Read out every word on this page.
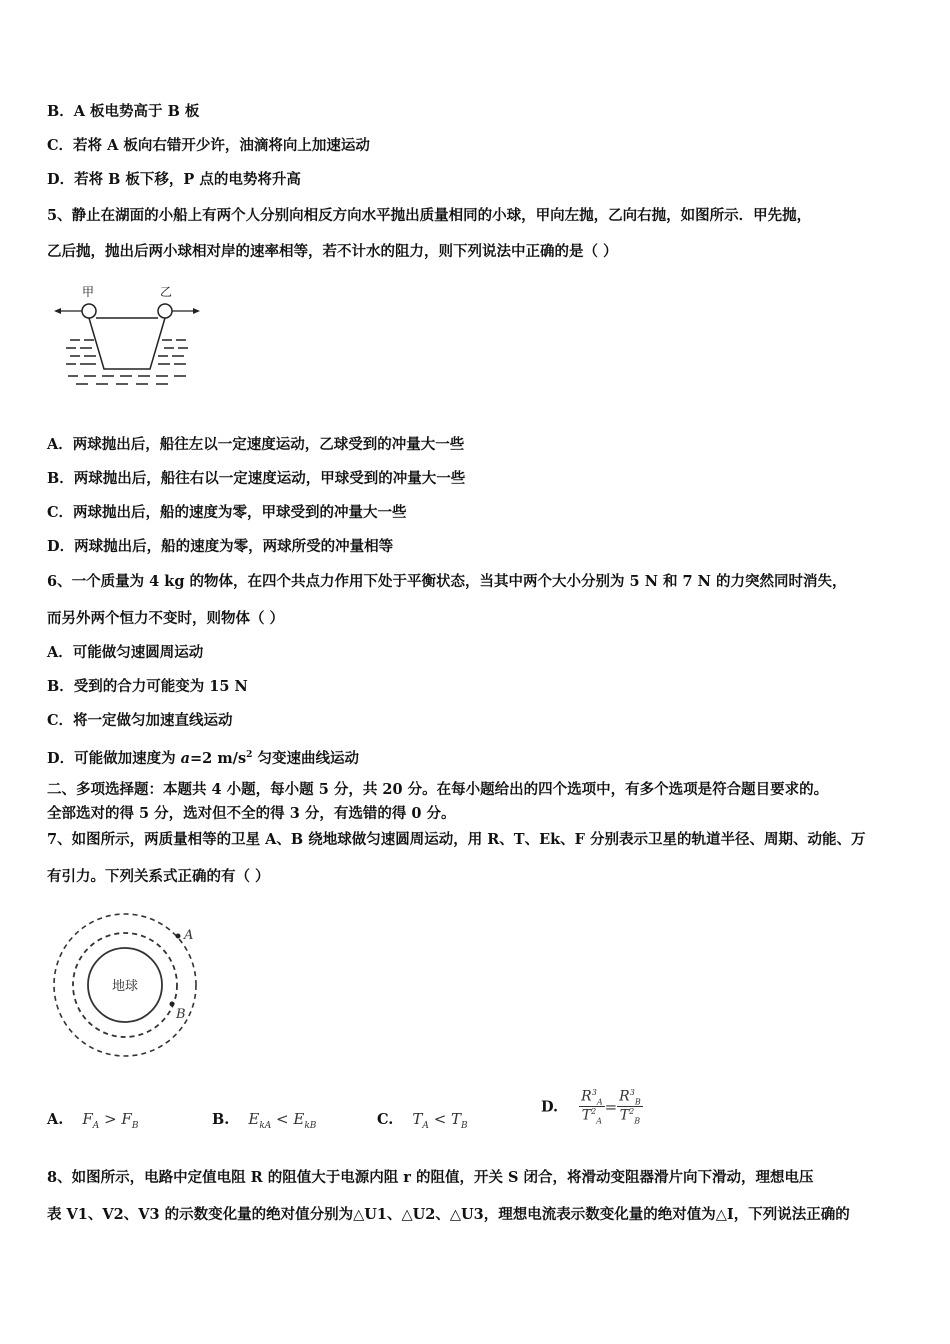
B．A 板电势高于 B 板
C．若将 A 板向右错开少许，油滴将向上加速运动
D．若将 B 板下移，P 点的电势将升高
5、静止在湖面的小船上有两个人分别向相反方向水平抛出质量相同的小球，甲向左抛，乙向右抛，如图所示．甲先抛，
乙后抛，抛出后两小球相对岸的速率相等，若不计水的阻力，则下列说法中正确的是（ ）
甲	乙
A．两球抛出后，船往左以一定速度运动，乙球受到的冲量大一些
B．两球抛出后，船往右以一定速度运动，甲球受到的冲量大一些
C．两球抛出后，船的速度为零，甲球受到的冲量大一些
D．两球抛出后，船的速度为零，两球所受的冲量相等
6、一个质量为 4 kg 的物体，在四个共点力作用下处于平衡状态，当其中两个大小分别为 5 N 和 7 N 的力突然同时消失，
而另外两个恒力不变时，则物体（ ）
A．可能做匀速圆周运动
B．受到的合力可能变为 15 N
C．将一定做匀加速直线运动
D．可能做加速度为 a=2 $m/s^2$ 匀变速曲线运动
二、多项选择题：本题共 4 小题，每小题 5 分，共 20 分。在每小题给出的四个选项中，有多个选项是符合题目要求的。
全部选对的得 5 分，选对但不全的得 3 分，有选错的得 0 分。
7、如图所示，两质量相等的卫星 A、B 绕地球做匀速圆周运动，用 R、T、Ek、F 分别表示卫星的轨道半径、周期、动能、万
有引力。下列关系式正确的有（ ）
地球
A
B
A. $F_A > F_B$	B. $E_{kA} < E_{kB}$	C. $T_A < T_B$
D. $\frac{R^3_A}{T^2_A} = \frac{R^3_B}{T^2_B}$
8、如图所示，电路中定值电阻 R 的阻值大于电源内阻 r 的阻值，开关 S 闭合，将滑动变阻器滑片向下滑动，理想电压
表 V1、V2、V3 的示数变化量的绝对值分别为△U1、△U2、△U3，理想电流表示数变化量的绝对值为△I，下列说法正确的
